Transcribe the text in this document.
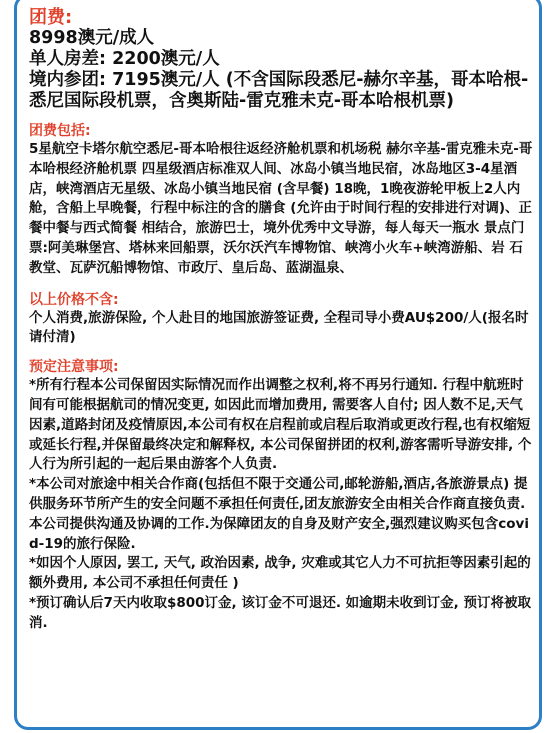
团费:

8998澳元/成人

单人房差: 2200澳元/人

境内参团: 7195澳元/人 (不含国际段悉尼-赫尔辛基，哥本哈根-悉尼国际段机票，含奥斯陆-雷克雅未克-哥本哈根机票)

团费包括:

5星航空卡塔尔航空悉尼-哥本哈根往返经济舱机票和机场税 赫尔辛基-雷克雅未克-哥本哈根经济舱机票 四星级酒店标准双人间、冰岛小镇当地民宿，冰岛地区3-4星酒店，峡湾酒店无星级、冰岛小镇当地民宿 (含早餐) 18晚，1晚夜游轮甲板上2人内舱，含船上早晚餐，行程中标注的含的膳食 (允许由于时间行程的安排进行对调)、正餐中餐与西式简餐 相结合，旅游巴士，境外优秀中文导游，每人每天一瓶水 景点门票:阿美琳堡宫、塔林来回船票，沃尔沃汽车博物馆、峡湾小火车+峡湾游船、岩 石教堂、瓦萨沉船博物馆、市政厅、皇后岛、蓝湖温泉、

以上价格不含:

个人消费,旅游保险, 个人赴目的地国旅游签证费, 全程司导小费AU$200/人(报名时请付清)

预定注意事项:

*所有行程本公司保留因实际情况而作出调整之权利,将不再另行通知. 行程中航班时间有可能根据航司的情况变更, 如因此而增加费用, 需要客人自付; 因人数不足,天气因素,道路封闭及疫情原因,本公司有权在启程前或启程后取消或更改行程,也有权缩短或延长行程,并保留最终决定和解释权, 本公司保留拼团的权利,游客需听导游安排, 个人行为所引起的一起后果由游客个人负责.

*本公司对旅途中相关合作商(包括但不限于交通公司,邮轮游船,酒店,各旅游景点) 提供服务环节所产生的安全问题不承担任何责任,团友旅游安全由相关合作商直接负责.本公司提供沟通及协调的工作.为保障团友的自身及财产安全,强烈建议购买包含covid-19的旅行保险.

*如因个人原因, 罢工, 天气, 政治因素, 战争, 灾难或其它人力不可抗拒等因素引起的额外费用, 本公司不承担任何责任 )

*预订确认后7天内收取$800订金, 该订金不可退还. 如逾期未收到订金, 预订将被取消.
